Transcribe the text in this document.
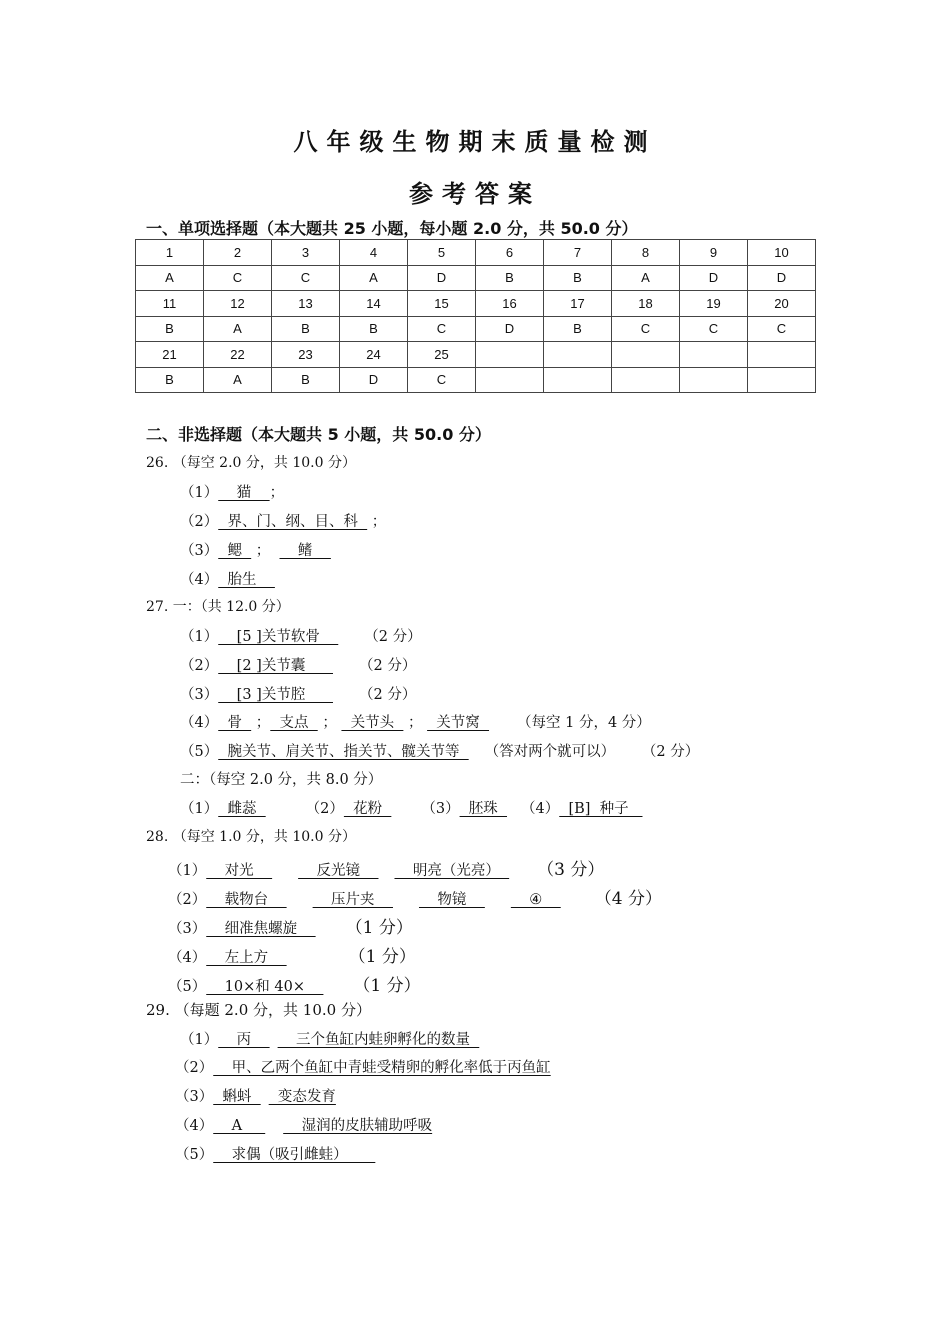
八年级生物期末质量检测
参考答案
一、单项选择题（本大题共 25 小题，每小题 2.0 分，共 50.0 分）
1	2	3	4	5	6	7	8	9	10
A	C	C	A	D	B	B	A	D	D
11	12	13	14	15	16	17	18	19	20
B	A	B	B	C	D	B	C	C	C
21	22	23	24	25					
B	A	B	D	C					
二、非选择题（本大题共 5 小题，共 50.0 分）
26. （每空 2.0 分，共 10.0 分）
（1）    猫    ；
（2）  界、门、纲、目、科   ；
（3）  鳃   ；      鳍
（4）  胎生
27. 一：（共 12.0 分）
（1）    [5 ]关节软骨    （2 分）
（2）    [2 ]关节囊      （2 分）
（3）    [3 ]关节腔      （2 分）
（4）  骨   ；  支点   ；   关节头   ；   关节窝  （每空 1 分，4 分）
（5）  腕关节、肩关节、指关节、髋关节等  （答对两个就可以） （2 分）
二：（每空 2.0 分，共 8.0 分）
（1）  雌蕊	（2）  花粉  （3）  胚珠  （4）  [B]  种子
28. （每空 1.0 分，共 10.0 分）
（1）    对光        反光镜        明亮（光亮）  （3 分）
（2）    载物台        压片夹        物镜        ④    （4 分）
（3）    细准焦螺旋    （1 分）
（4）    左上方	（1 分）
（5）    10×和 40×    （1 分）
29. （每题 2.0 分，共 10.0 分）
（1）    丙        三个鱼缸内蛙卵孵化的数量
（2）    甲、乙两个鱼缸中青蛙受精卵的孵化率低于丙鱼缸
（3）  蝌蚪    变态发育
（4）    A         湿润的皮肤辅助呼吸
（5）    求偶（吸引雌蛙）
